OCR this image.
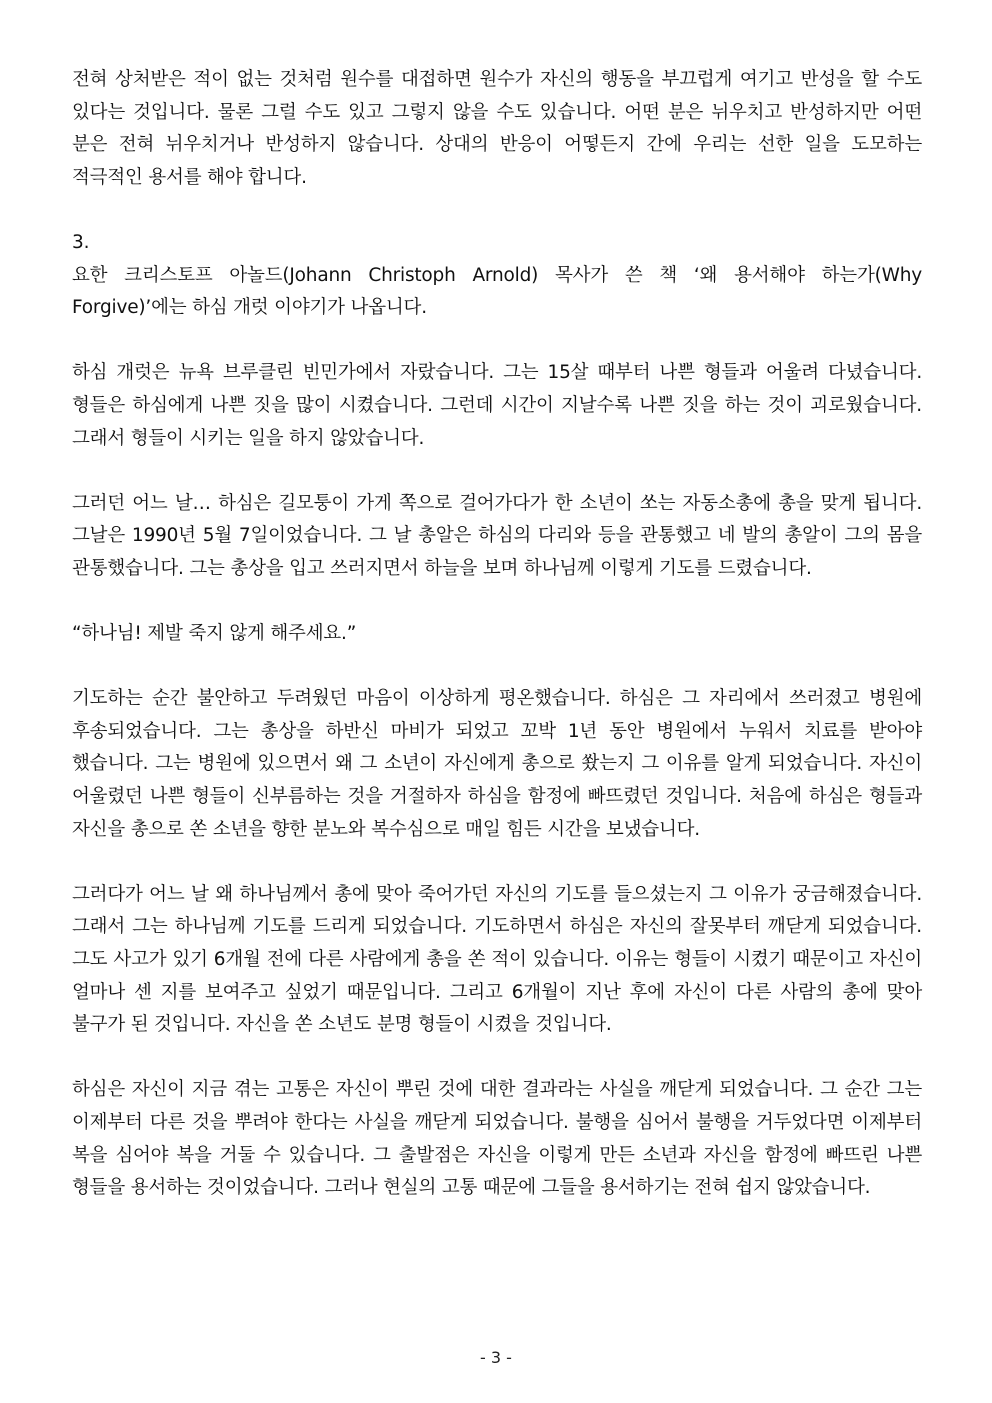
전혀 상처받은 적이 없는 것처럼 원수를 대접하면 원수가 자신의 행동을 부끄럽게 여기고 반성을 할 수도 있다는 것입니다. 물론 그럴 수도 있고 그렇지 않을 수도 있습니다. 어떤 분은 뉘우치고 반성하지만 어떤 분은 전혀 뉘우치거나 반성하지 않습니다. 상대의 반응이 어떻든지 간에 우리는 선한 일을 도모하는 적극적인 용서를 해야 합니다.

3.

요한 크리스토프 아놀드(Johann Christoph Arnold) 목사가 쓴 책 ‘왜 용서해야 하는가(Why Forgive)’에는 하심 개럿 이야기가 나옵니다.

하심 개럿은 뉴욕 브루클린 빈민가에서 자랐습니다. 그는 15살 때부터 나쁜 형들과 어울려 다녔습니다. 형들은 하심에게 나쁜 짓을 많이 시켰습니다. 그런데 시간이 지날수록 나쁜 짓을 하는 것이 괴로웠습니다. 그래서 형들이 시키는 일을 하지 않았습니다.

그러던 어느 날… 하심은 길모퉁이 가게 쪽으로 걸어가다가 한 소년이 쏘는 자동소총에 총을 맞게 됩니다. 그날은 1990년 5월 7일이었습니다. 그 날 총알은 하심의 다리와 등을 관통했고 네 발의 총알이 그의 몸을 관통했습니다. 그는 총상을 입고 쓰러지면서 하늘을 보며 하나님께 이렇게 기도를 드렸습니다.

“하나님! 제발 죽지 않게 해주세요.”

기도하는 순간 불안하고 두려웠던 마음이 이상하게 평온했습니다. 하심은 그 자리에서 쓰러졌고 병원에 후송되었습니다. 그는 총상을 하반신 마비가 되었고 꼬박 1년 동안 병원에서 누워서 치료를 받아야 했습니다. 그는 병원에 있으면서 왜 그 소년이 자신에게 총으로 쐈는지 그 이유를 알게 되었습니다. 자신이 어울렸던 나쁜 형들이 신부름하는 것을 거절하자 하심을 함정에 빠뜨렸던 것입니다. 처음에 하심은 형들과 자신을 총으로 쏜 소년을 향한 분노와 복수심으로 매일 힘든 시간을 보냈습니다.

그러다가 어느 날 왜 하나님께서 총에 맞아 죽어가던 자신의 기도를 들으셨는지 그 이유가 궁금해졌습니다. 그래서 그는 하나님께 기도를 드리게 되었습니다. 기도하면서 하심은 자신의 잘못부터 깨닫게 되었습니다. 그도 사고가 있기 6개월 전에 다른 사람에게 총을 쏜 적이 있습니다. 이유는 형들이 시켰기 때문이고 자신이 얼마나 센 지를 보여주고 싶었기 때문입니다. 그리고 6개월이 지난 후에 자신이 다른 사람의 총에 맞아 불구가 된 것입니다. 자신을 쏜 소년도 분명 형들이 시켰을 것입니다.

하심은 자신이 지금 겪는 고통은 자신이 뿌린 것에 대한 결과라는 사실을 깨닫게 되었습니다. 그 순간 그는 이제부터 다른 것을 뿌려야 한다는 사실을 깨닫게 되었습니다. 불행을 심어서 불행을 거두었다면 이제부터 복을 심어야 복을 거둘 수 있습니다. 그 출발점은 자신을 이렇게 만든 소년과 자신을 함정에 빠뜨린 나쁜 형들을 용서하는 것이었습니다. 그러나 현실의 고통 때문에 그들을 용서하기는 전혀 쉽지 않았습니다.

- 3 -
